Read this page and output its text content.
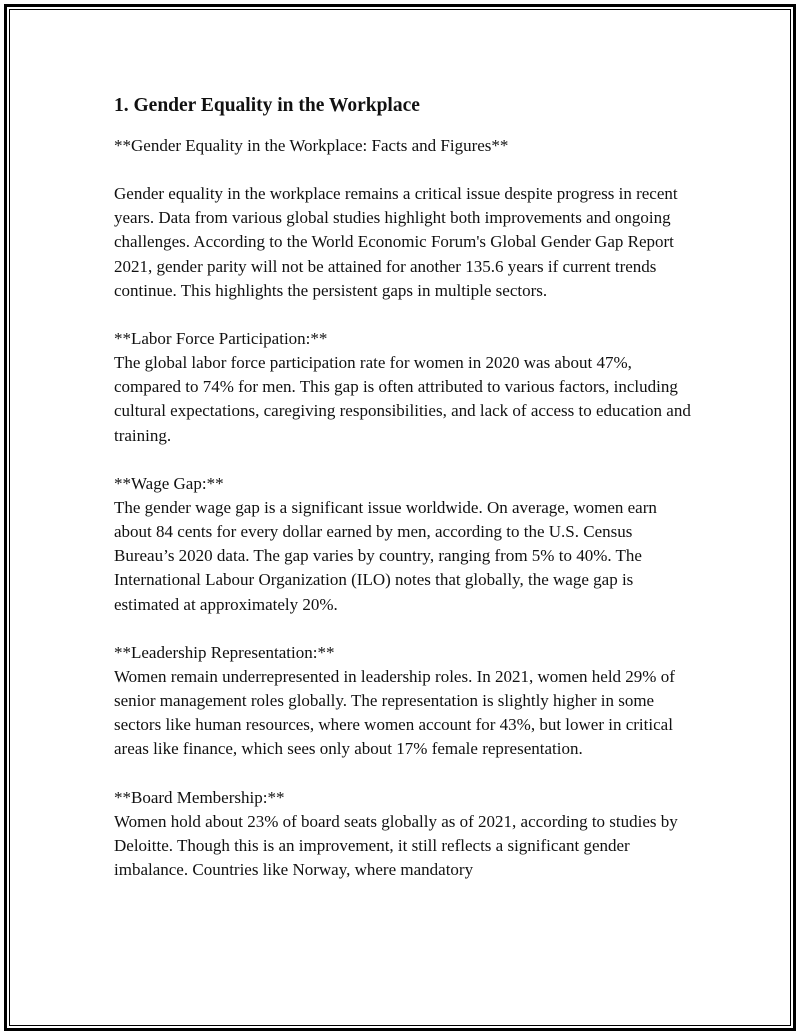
1. Gender Equality in the Workplace

**Gender Equality in the Workplace: Facts and Figures**

Gender equality in the workplace remains a critical issue despite progress in recent years. Data from various global studies highlight both improvements and ongoing challenges. According to the World Economic Forum's Global Gender Gap Report 2021, gender parity will not be attained for another 135.6 years if current trends continue. This highlights the persistent gaps in multiple sectors.

**Labor Force Participation:**

The global labor force participation rate for women in 2020 was about 47%, compared to 74% for men. This gap is often attributed to various factors, including cultural expectations, caregiving responsibilities, and lack of access to education and training.

**Wage Gap:**

The gender wage gap is a significant issue worldwide. On average, women earn about 84 cents for every dollar earned by men, according to the U.S. Census Bureau’s 2020 data. The gap varies by country, ranging from 5% to 40%. The International Labour Organization (ILO) notes that globally, the wage gap is estimated at approximately 20%.

**Leadership Representation:**

Women remain underrepresented in leadership roles. In 2021, women held 29% of senior management roles globally. The representation is slightly higher in some sectors like human resources, where women account for 43%, but lower in critical areas like finance, which sees only about 17% female representation.

**Board Membership:**

Women hold about 23% of board seats globally as of 2021, according to studies by Deloitte. Though this is an improvement, it still reflects a significant gender imbalance. Countries like Norway, where mandatory
